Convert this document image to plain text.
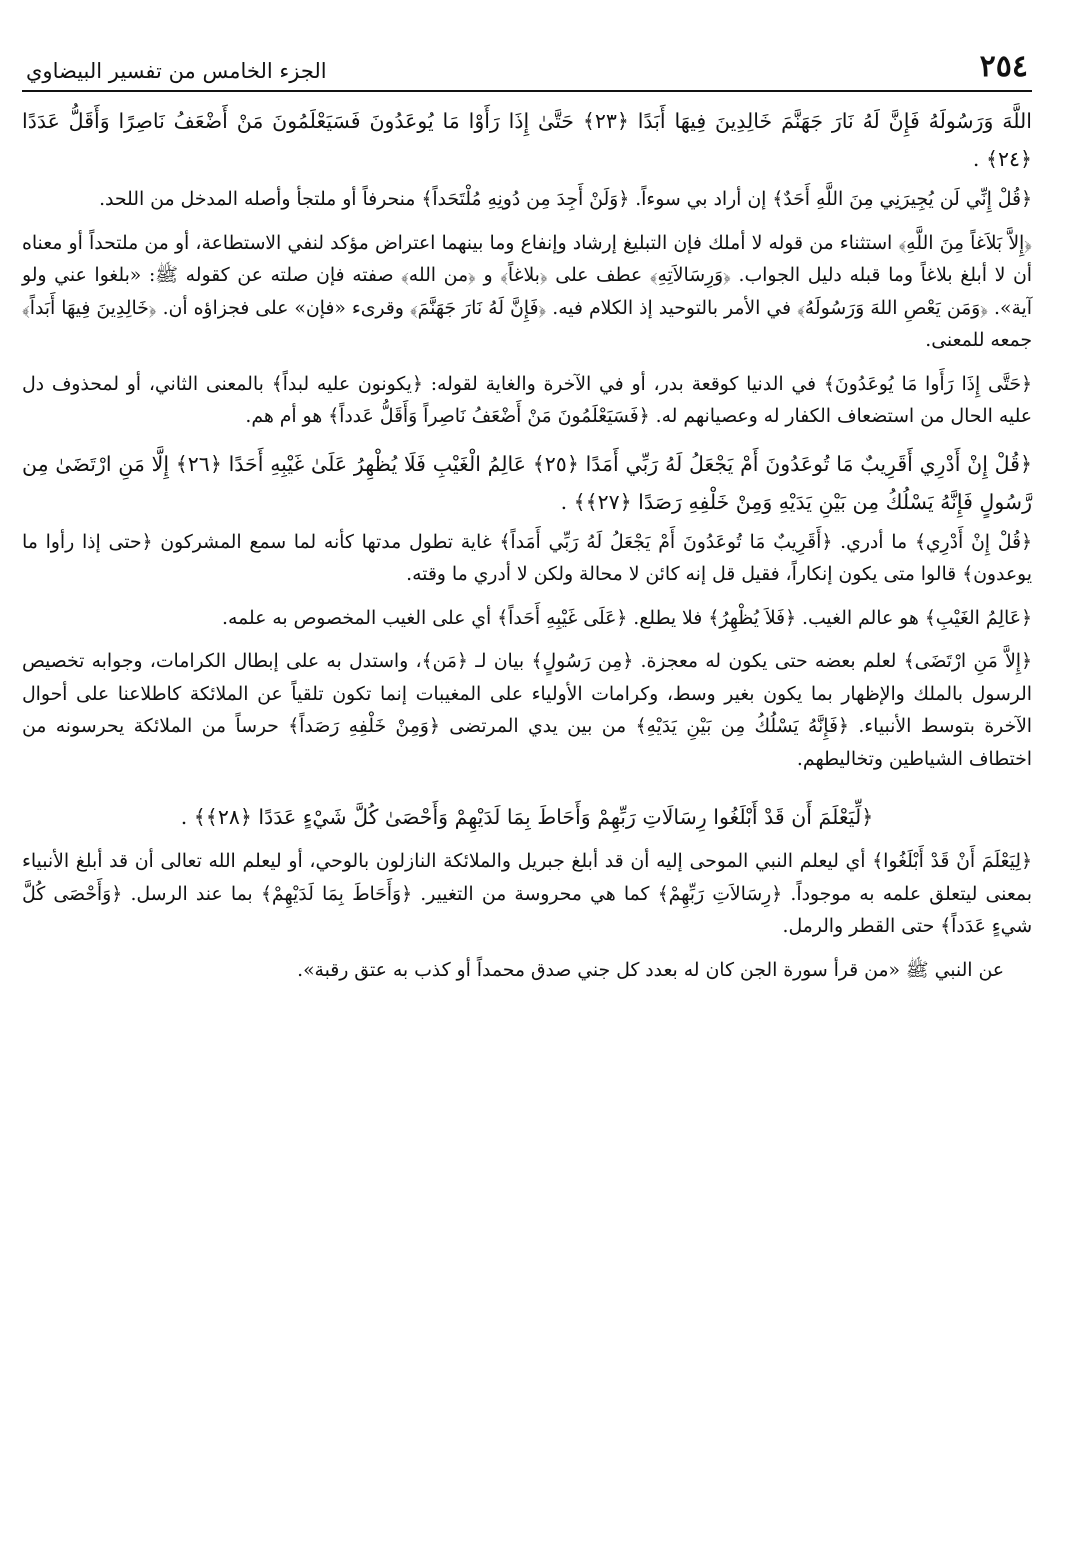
٢٥٤
الجزء الخامس من تفسير البيضاوي

اللَّهَ وَرَسُولَهُ فَإِنَّ لَهُ نَارَ جَهَنَّمَ خَالِدِينَ فِيهَا أَبَدًا ﴿٢٣﴾ حَتَّىٰ إِذَا رَأَوْا مَا يُوعَدُونَ فَسَيَعْلَمُونَ مَنْ أَضْعَفُ نَاصِرًا وَأَقَلُّ عَدَدًا ﴿٢٤﴾ .

﴿قُلْ إِنِّي لَن يُجِيرَنِي مِنَ اللَّهِ أَحَدٌ﴾ إن أراد بي سوءاً. ﴿وَلَنْ أَجِدَ مِن دُونِهِ مُلْتَحَداً﴾ منحرفاً أو ملتجأ وأصله المدخل من اللحد.

﴿إِلاَّ بَلاَغاً مِنَ اللَّهِ﴾ استثناء من قوله لا أملك فإن التبليغ إرشاد وإنفاع وما بينهما اعتراض مؤكد لنفي الاستطاعة، أو من ملتحداً أو معناه أن لا أبلغ بلاغاً وما قبله دليل الجواب. ﴿وَرِسَالاَتِهِ﴾ عطف على ﴿بلاغاً﴾ و ﴿من الله﴾ صفته فإن صلته عن كقوله ﷺ: «بلغوا عني ولو آية». ﴿وَمَن يَعْصِ اللهَ وَرَسُولَهُ﴾ في الأمر بالتوحيد إذ الكلام فيه. ﴿فَإِنَّ لَهُ نَارَ جَهَنَّمَ﴾ وقرىء «فإن» على فجزاؤه أن. ﴿خَالِدِينَ فِيهَا أَبَداً﴾ جمعه للمعنى.

﴿حَتَّى إِذَا رَأَوا مَا يُوعَدُونَ﴾ في الدنيا كوقعة بدر، أو في الآخرة والغاية لقوله: ﴿يكونون عليه لبداً﴾ بالمعنى الثاني، أو لمحذوف دل عليه الحال من استضعاف الكفار له وعصيانهم له. ﴿فَسَيَعْلَمُونَ مَنْ أَضْعَفُ نَاصِراً وَأَقَلُّ عَدداً﴾ هو أم هم.

﴿قُلْ إِنْ أَدْرِي أَقَرِيبٌ مَا تُوعَدُونَ أَمْ يَجْعَلُ لَهُ رَبِّي أَمَدًا ﴿٢٥﴾ عَالِمُ الْغَيْبِ فَلَا يُظْهِرُ عَلَىٰ غَيْبِهِ أَحَدًا ﴿٢٦﴾ إِلَّا مَنِ ارْتَضَىٰ مِن رَّسُولٍ فَإِنَّهُ يَسْلُكُ مِن بَيْنِ يَدَيْهِ وَمِنْ خَلْفِهِ رَصَدًا ﴿٢٧﴾﴾ .

﴿قُلْ إِنْ أَدْرِي﴾ ما أدري. ﴿أَقَرِيبٌ مَا تُوعَدُونَ أَمْ يَجْعَلُ لَهُ رَبِّي أَمَداً﴾ غاية تطول مدتها كأنه لما سمع المشركون ﴿حتى إذا رأوا ما يوعدون﴾ قالوا متى يكون إنكاراً، فقيل قل إنه كائن لا محالة ولكن لا أدري ما وقته.

﴿عَالِمُ الغَيْبِ﴾ هو عالم الغيب. ﴿فَلاَ يُظْهِرُ﴾ فلا يطلع. ﴿عَلَى غَيْبِهِ أَحَداً﴾ أي على الغيب المخصوص به علمه.

﴿إِلاَّ مَنِ ارْتَضَى﴾ لعلم بعضه حتى يكون له معجزة. ﴿مِن رَسُولٍ﴾ بيان لـ ﴿مَن﴾، واستدل به على إبطال الكرامات، وجوابه تخصيص الرسول بالملك والإظهار بما يكون بغير وسط، وكرامات الأولياء على المغيبات إنما تكون تلقياً عن الملائكة كاطلاعنا على أحوال الآخرة بتوسط الأنبياء. ﴿فَإِنَّهُ يَسْلُكُ مِن بَيْنِ يَدَيْهِ﴾ من بين يدي المرتضى ﴿وَمِنْ خَلْفِهِ رَصَداً﴾ حرساً من الملائكة يحرسونه من اختطاف الشياطين وتخاليطهم.

﴿لِّيَعْلَمَ أَن قَدْ أَبْلَغُوا رِسَالَاتِ رَبِّهِمْ وَأَحَاطَ بِمَا لَدَيْهِمْ وَأَحْصَىٰ كُلَّ شَيْءٍ عَدَدًا ﴿٢٨﴾﴾ .

﴿لِيَعْلَمَ أَنْ قَدْ أَبْلَغُوا﴾ أي ليعلم النبي الموحى إليه أن قد أبلغ جبريل والملائكة النازلون بالوحي، أو ليعلم الله تعالى أن قد أبلغ الأنبياء بمعنى ليتعلق علمه به موجوداً. ﴿رِسَالاَتِ رَبِّهِمْ﴾ كما هي محروسة من التغيير. ﴿وَأَحَاطَ بِمَا لَدَيْهِمْ﴾ بما عند الرسل. ﴿وَأَحْصَى كُلَّ شيءٍ عَدَداً﴾ حتى القطر والرمل.

عن النبي ﷺ «من قرأ سورة الجن كان له بعدد كل جني صدق محمداً أو كذب به عتق رقبة».
